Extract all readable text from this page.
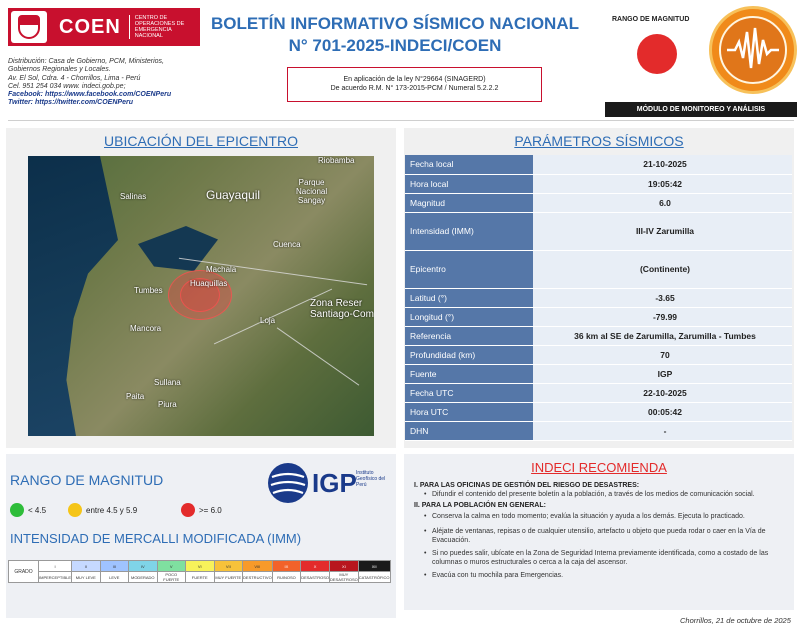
COEN	CENTRO DE OPERACIONES DE EMERGENCIA NACIONAL
Distribución: Casa de Gobierno, PCM, Ministerios,
Gobiernos Regionales y Locales.
Av. El Sol, Cdra. 4 - Chorrillos, Lima - Perú
Cel. 951 254 034 www. indeci.gob.pe;
Facebook: https://www.facebook.com/COENPeru
Twitter: https://twitter.com/COENPeru
BOLETÍN INFORMATIVO SÍSMICO NACIONAL
N° 701-2025-INDECI/COEN
En aplicación de la ley N°29664 (SINAGERD)
De acuerdo R.M. N° 173-2015-PCM / Numeral 5.2.2.2
RANGO DE MAGNITUD
MÓDULO DE MONITOREO Y ANÁLISIS
UBICACIÓN DEL EPICENTRO
Riobamba
Salinas	Guayaquil
Parque
Nacional
Sangay
Cuenca
Machala
Tumbes
Huaquillas
Zona Reser
Santiago-Com
Loja
Mancora
Sullana
Paita
Piura
PARÁMETROS SÍSMICOS
Fecha local	21-10-2025
Hora local	19:05:42
Magnitud	6.0
Intensidad (IMM)	III-IV Zarumilla
Epicentro	(Continente)
Latitud (°)	-3.65
Longitud (°)	-79.99
Referencia	36 km al SE de Zarumilla, Zarumilla - Tumbes
Profundidad (km)	70
Fuente	IGP
Fecha UTC	22-10-2025
Hora UTC	00:05:42
DHN	-
RANGO DE MAGNITUD	IGP Instituto Geofísico del Perú
< 4.5	entre 4.5 y 5.9	>= 6.0
INTENSIDAD DE MERCALLI MODIFICADA (IMM)
GRADO	I	II	III	IV	V	VI	VII	VIII	IX	X	XI	XII
	IMPERCEPTIBLE	MUY LEVE	LEVE	MODERADO	POCO FUERTE	FUERTE	MUY FUERTE	DESTRUCTIVO	RUINOSO	DESASTROSO	MUY DESASTROSO	CATASTRÓFICO
INDECI RECOMIENDA
I. PARA LAS OFICINAS DE GESTIÓN DEL RIESGO DE DESASTRES:
• Difundir el contenido del presente boletín a la población, a través de los medios de comunicación social.
II. PARA LA POBLACIÓN EN GENERAL:
• Conserva la calma en todo momento; evalúa la situación y ayuda a los demás. Ejecuta lo practicado.
• Aléjate de ventanas, repisas o de cualquier utensilio, artefacto u objeto que pueda rodar o caer en la Vía de Evacuación.
• Si no puedes salir, ubícate en la Zona de Seguridad Interna previamente identificada, como a costado de las columnas o muros estructurales o cerca a la caja del ascensor.
• Evacúa con tu mochila para Emergencias.
Chorrillos, 21 de octubre de 2025
